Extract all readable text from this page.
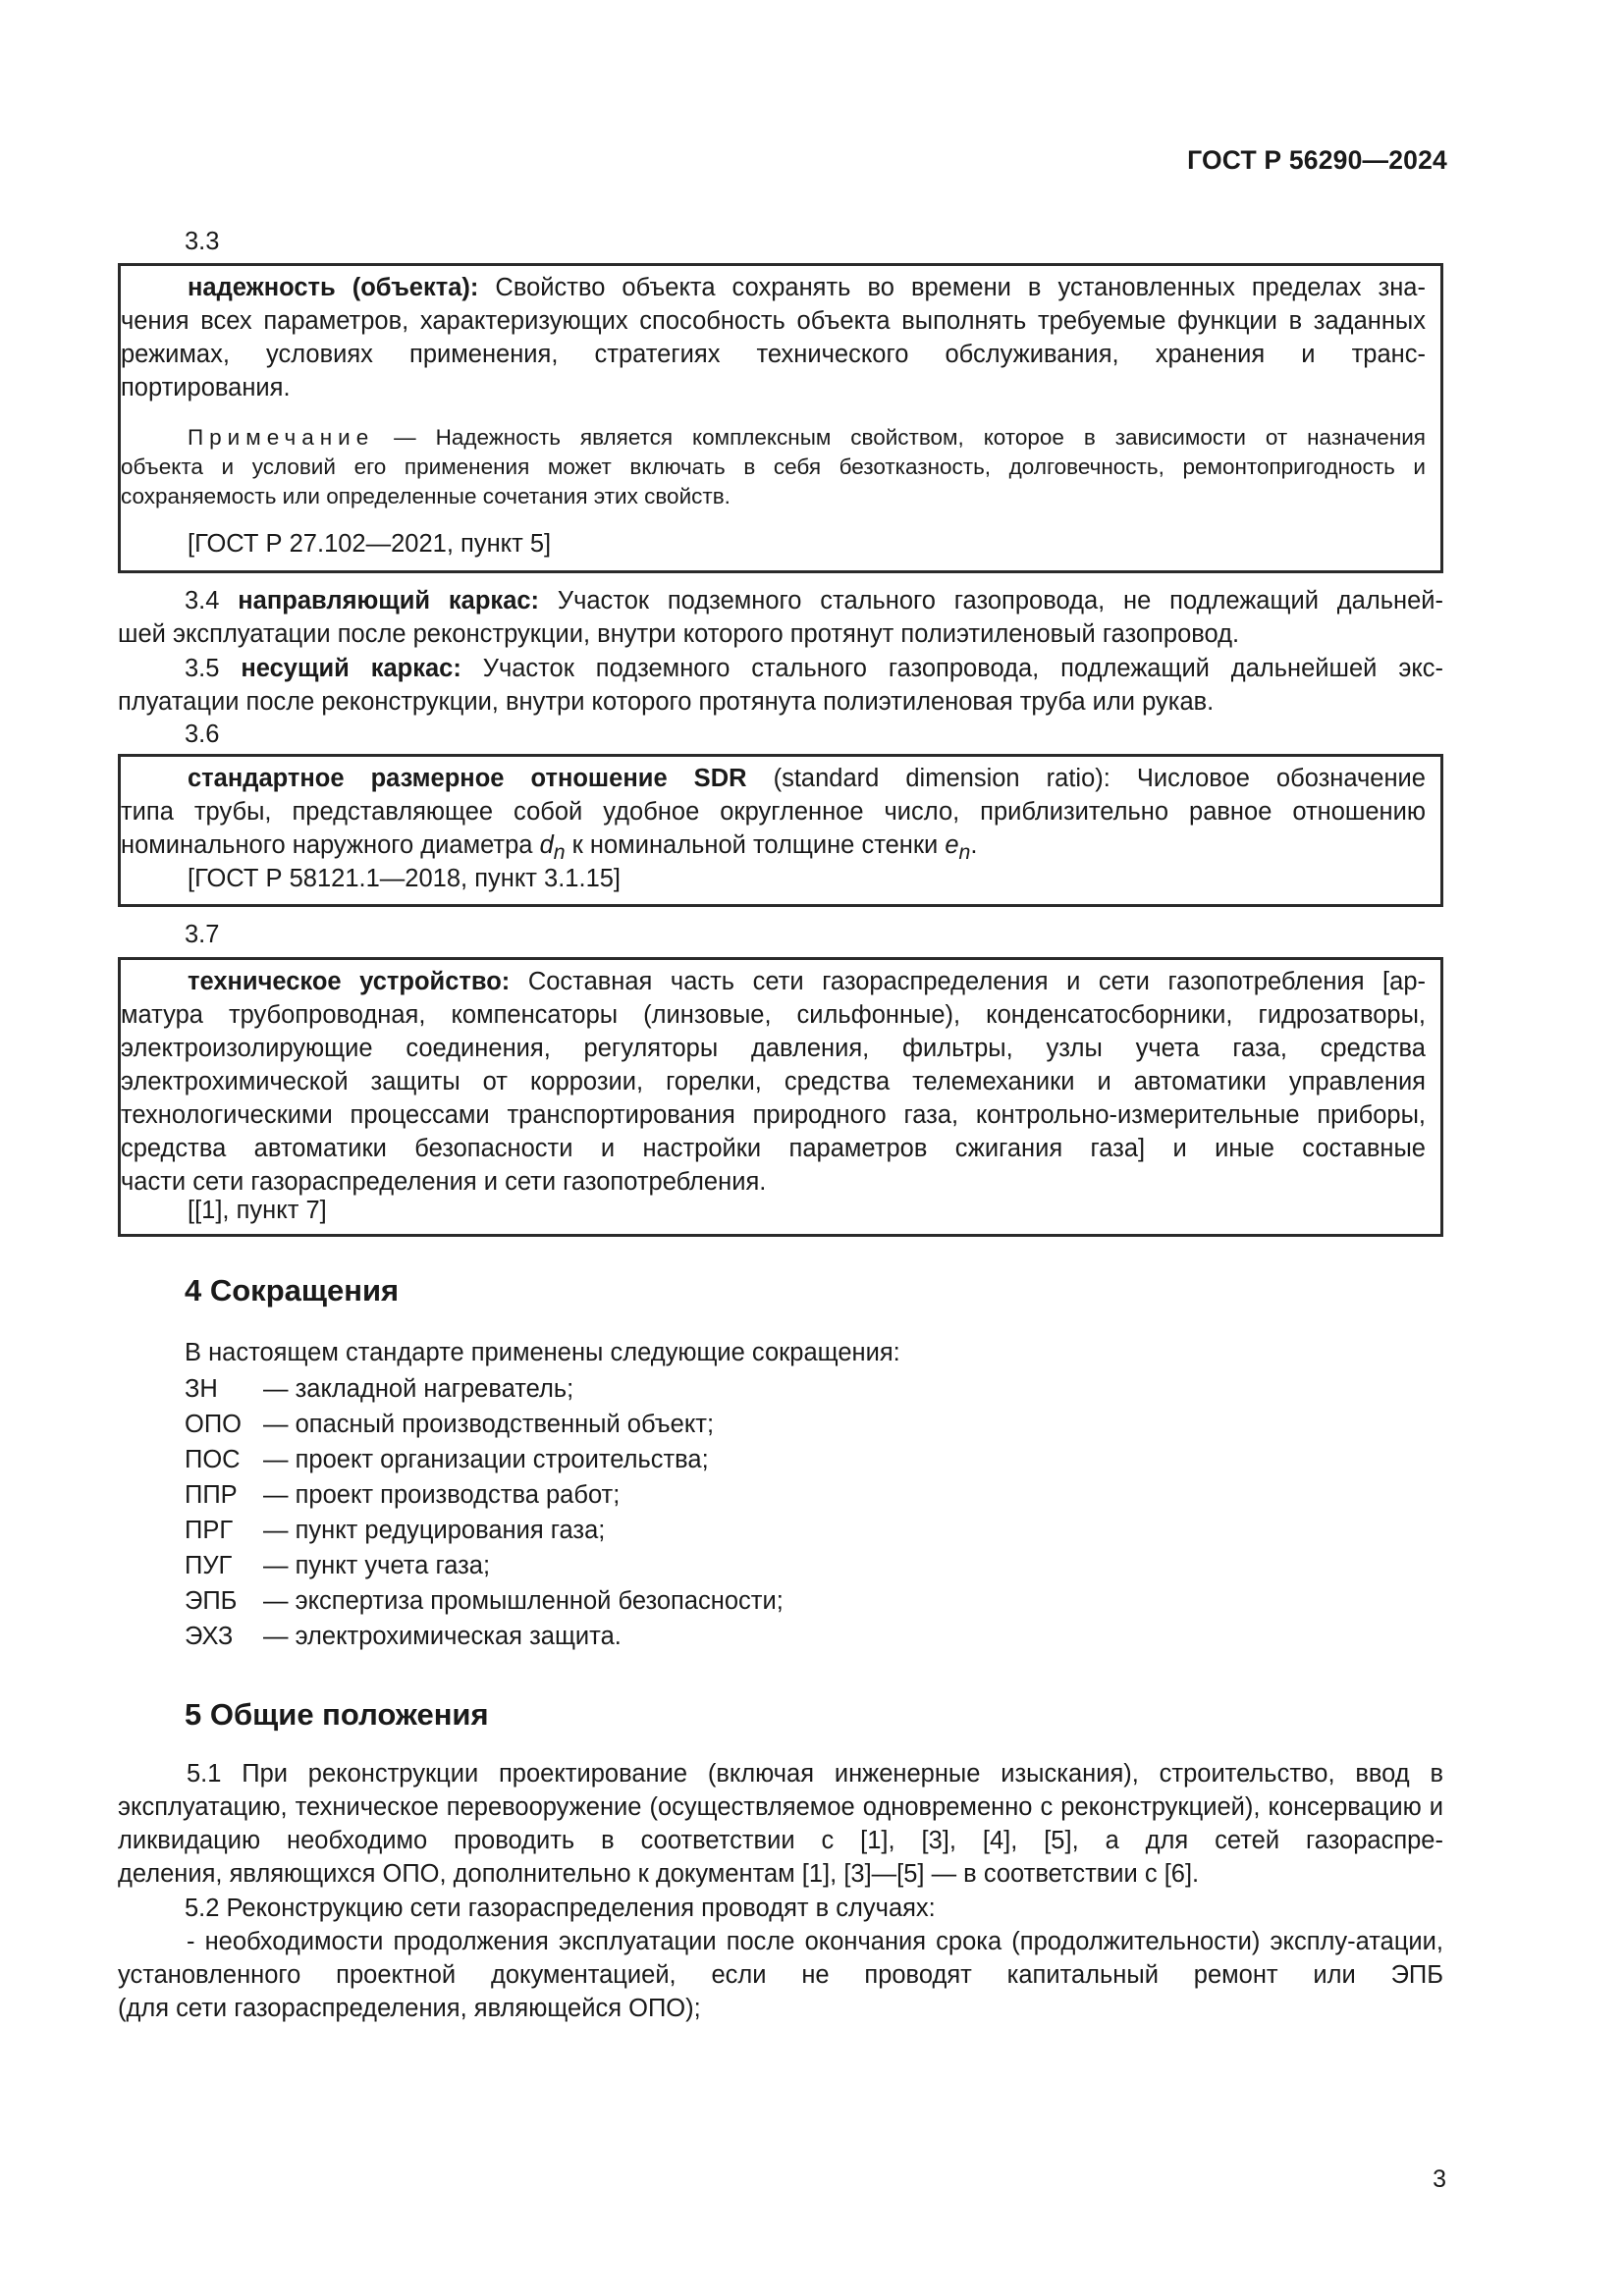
ГОСТ Р 56290—2024
3.3
надежность (объекта): Свойство объекта сохранять во времени в установленных пределах зна-
чения всех параметров, характеризующих способность объекта выполнять требуемые функции в заданных режимах, условиях применения, стратегиях технического обслуживания, хранения и транс-
портирования.
Примечание — Надежность является комплексным свойством, которое в зависимости от назначения
объекта и условий его применения может включать в себя безотказность, долговечность, ремонтопригодность и
сохраняемость или определенные сочетания этих свойств.
[ГОСТ Р 27.102—2021, пункт 5]
3.4 направляющий каркас: Участок подземного стального газопровода, не подлежащий дальней-
шей эксплуатации после реконструкции, внутри которого протянут полиэтиленовый газопровод.
3.5 несущий каркас: Участок подземного стального газопровода, подлежащий дальнейшей экс-
плуатации после реконструкции, внутри которого протянута полиэтиленовая труба или рукав.
3.6
стандартное размерное отношение SDR (standard dimension ratio): Числовое обозначение
типа трубы, представляющее собой удобное округленное число, приблизительно равное отношению
номинального наружного диаметра $d_n$ к номинальной толщине стенки $e_n$.
[ГОСТ Р 58121.1—2018, пункт 3.1.15]
3.7
техническое устройство: Составная часть сети газораспределения и сети газопотребления [ар-
матура трубопроводная, компенсаторы (линзовые, сильфонные), конденсатосборники, гидрозатворы, электроизолирующие соединения, регуляторы давления, фильтры, узлы учета газа, средства электрохимической защиты от коррозии, горелки, средства телемеханики и автоматики управления технологическими процессами транспортирования природного газа, контрольно-измерительные приборы, средства автоматики безопасности и настройки параметров сжигания газа] и иные составные
части сети газораспределения и сети газопотребления.
[[1], пункт 7]
4 Сокращения
В настоящем стандарте применены следующие сокращения:
ЗН — закладной нагреватель;
ОПО — опасный производственный объект;
ПОС — проект организации строительства;
ППР — проект производства работ;
ПРГ — пункт редуцирования газа;
ПУГ — пункт учета газа;
ЭПБ — экспертиза промышленной безопасности;
ЭХЗ — электрохимическая защита.
5 Общие положения
5.1 При реконструкции проектирование (включая инженерные изыскания), строительство, ввод в эксплуатацию, техническое перевооружение (осуществляемое одновременно с реконструкцией), консервацию и ликвидацию необходимо проводить в соответствии с [1], [3], [4], [5], а для сетей газораспре-
деления, являющихся ОПО, дополнительно к документам [1], [3]—[5] — в соответствии с [6].
5.2 Реконструкцию сети газораспределения проводят в случаях:
- необходимости продолжения эксплуатации после окончания срока (продолжительности) эксплу-атации, установленного проектной документацией, если не проводят капитальный ремонт или ЭПБ
(для сети газораспределения, являющейся ОПО);
3
